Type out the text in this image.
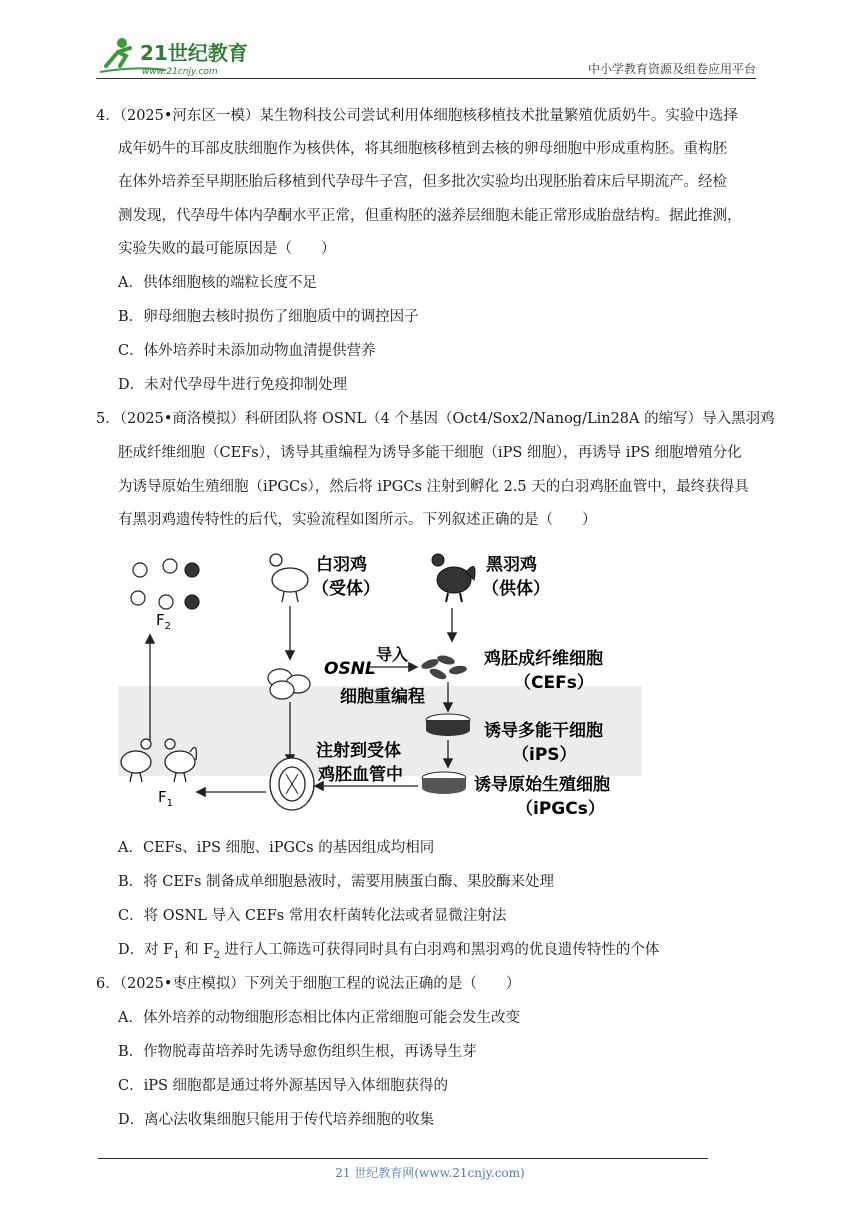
21世纪教育
www.21cnjy.com	中小学教育资源及组卷应用平台
4．（2025•河东区一模）某生物科技公司尝试利用体细胞核移植技术批量繁殖优质奶牛。实验中选择
成年奶牛的耳部皮肤细胞作为核供体，将其细胞核移植到去核的卵母细胞中形成重构胚。重构胚
在体外培养至早期胚胎后移植到代孕母牛子宫，但多批次实验均出现胚胎着床后早期流产。经检
测发现，代孕母牛体内孕酮水平正常，但重构胚的滋养层细胞未能正常形成胎盘结构。据此推测，
实验失败的最可能原因是（　　）
A．供体细胞核的端粒长度不足
B．卵母细胞去核时损伤了细胞质中的调控因子
C．体外培养时未添加动物血清提供营养
D．未对代孕母牛进行免疫抑制处理
5．（2025•商洛模拟）科研团队将 OSNL（4 个基因（Oct4/Sox2/Nanog/Lin28A 的缩写）导入黑羽鸡
胚成纤维细胞（CEFs），诱导其重编程为诱导多能干细胞（iPS 细胞），再诱导 iPS 细胞增殖分化
为诱导原始生殖细胞（iPGCs），然后将 iPGCs 注射到孵化 2.5 天的白羽鸡胚血管中，最终获得具
有黑羽鸡遗传特性的后代，实验流程如图所示。下列叙述正确的是（　　）
$F_2$
白羽鸡
（受体）
黑羽鸡
（供体）
导入
OSNL
细胞重编程
鸡胚成纤维细胞
（CEFs）
诱导多能干细胞
（iPS）
诱导原始生殖细胞
（iPGCs）
注射到受体
鸡胚血管中
$F_1$
A．CEFs、iPS 细胞、iPGCs 的基因组成均相同
B．将 CEFs 制备成单细胞悬液时，需要用胰蛋白酶、果胶酶来处理
C．将 OSNL 导入 CEFs 常用农杆菌转化法或者显微注射法
D．对 $F_1$ 和 $F_2$ 进行人工筛选可获得同时具有白羽鸡和黑羽鸡的优良遗传特性的个体
6．（2025•枣庄模拟）下列关于细胞工程的说法正确的是（　　）
A．体外培养的动物细胞形态相比体内正常细胞可能会发生改变
B．作物脱毒苗培养时先诱导愈伤组织生根，再诱导生芽
C．iPS 细胞都是通过将外源基因导入体细胞获得的
D．离心法收集细胞只能用于传代培养细胞的收集
21 世纪教育网(www.21cnjy.com)
